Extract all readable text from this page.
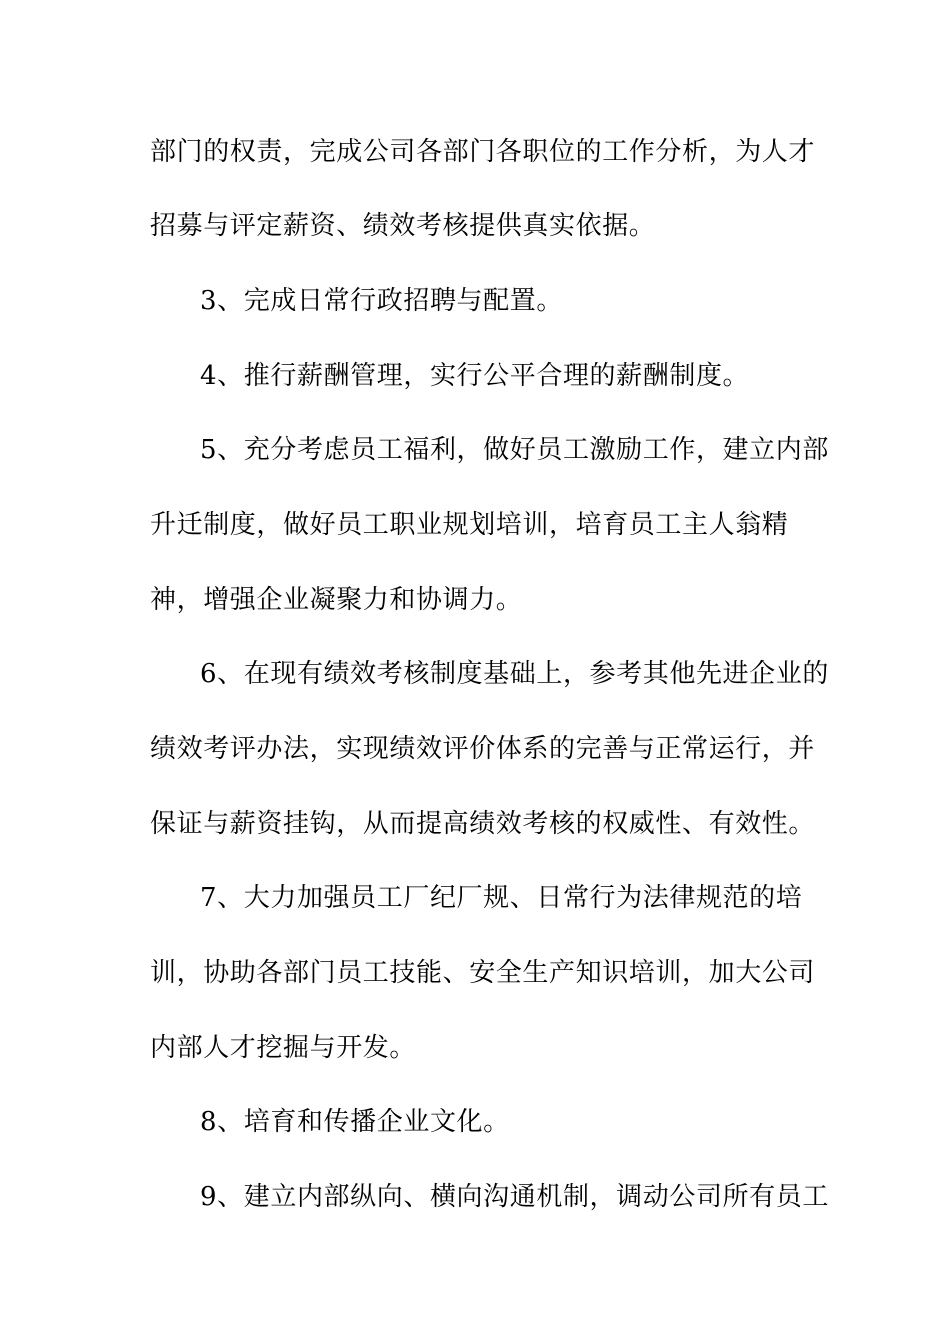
部门的权责，完成公司各部门各职位的工作分析，为人才
招募与评定薪资、绩效考核提供真实依据。
3、完成日常行政招聘与配置。
4、推行薪酬管理，实行公平合理的薪酬制度。
5、充分考虑员工福利，做好员工激励工作，建立内部
升迁制度，做好员工职业规划培训，培育员工主人翁精
神，增强企业凝聚力和协调力。
6、在现有绩效考核制度基础上，参考其他先进企业的
绩效考评办法，实现绩效评价体系的完善与正常运行，并
保证与薪资挂钩，从而提高绩效考核的权威性、有效性。
7、大力加强员工厂纪厂规、日常行为法律规范的培
训，协助各部门员工技能、安全生产知识培训，加大公司
内部人才挖掘与开发。
8、培育和传播企业文化。
9、建立内部纵向、横向沟通机制，调动公司所有员工
